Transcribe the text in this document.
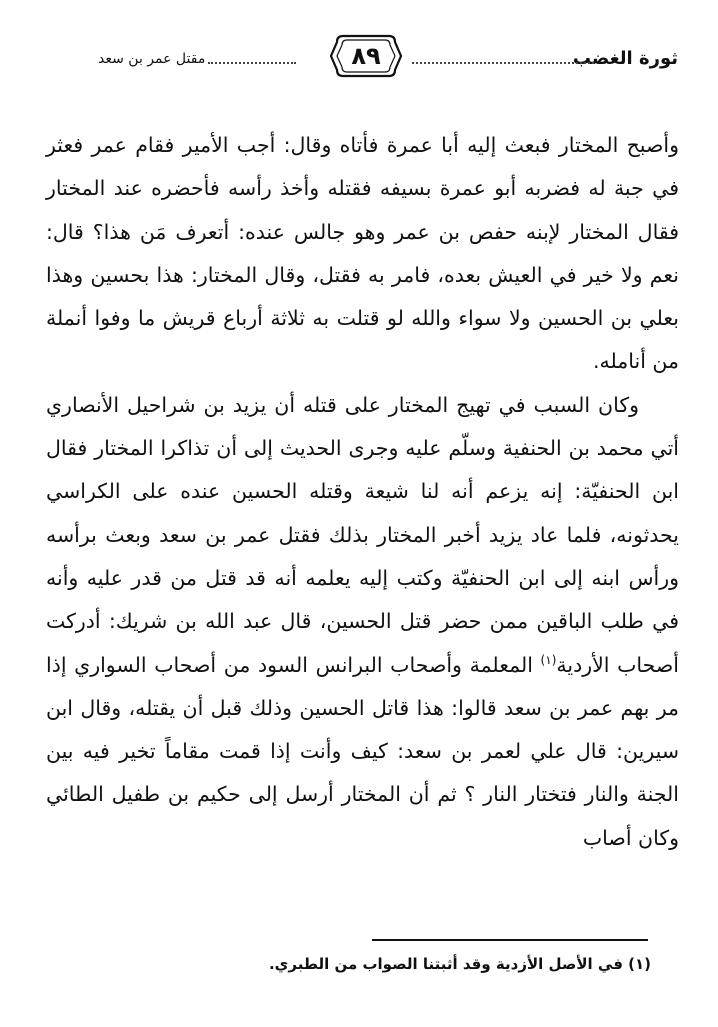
ثورة الغضب
٨٩
مقتل عمر بن سعد

وأصبح المختار فبعث إليه أبا عمرة فأتاه وقال: أجب الأمير فقام عمر فعثر في جبة له فضربه أبو عمرة بسيفه فقتله وأخذ رأسه فأحضره عند المختار فقال المختار لإبنه حفص بن عمر وهو جالس عنده: أتعرف مَن هذا؟ قال: نعم ولا خير في العيش بعده، فامر به فقتل، وقال المختار: هذا بحسين وهذا بعلي بن الحسين ولا سواء والله لو قتلت به ثلاثة أرباع قريش ما وفوا أنملة من أنامله.

وكان السبب في تهيج المختار على قتله أن يزيد بن شراحيل الأنصاري أتي محمد بن الحنفية وسلّم عليه وجرى الحديث إلى أن تذاكرا المختار فقال ابن الحنفيّة: إنه يزعم أنه لنا شيعة وقتله الحسين عنده على الكراسي يحدثونه، فلما عاد يزيد أخبر المختار بذلك فقتل عمر بن سعد وبعث برأسه ورأس ابنه إلى ابن الحنفيّة وكتب إليه يعلمه أنه قد قتل من قدر عليه وأنه في طلب الباقين ممن حضر قتل الحسين، قال عبد الله بن شريك: أدركت أصحاب الأردية$^{(١)}$ المعلمة وأصحاب البرانس السود من أصحاب السواري إذا مر بهم عمر بن سعد قالوا: هذا قاتل الحسين وذلك قبل أن يقتله، وقال ابن سيرين: قال علي لعمر بن سعد: كيف وأنت إذا قمت مقاماً تخير فيه بين الجنة والنار فتختار النار ؟ ثم أن المختار أرسل إلى حكيم بن طفيل الطائي وكان أصاب

(١) في الأصل الأزدية وقد أثبتنا الصواب من الطبري.
